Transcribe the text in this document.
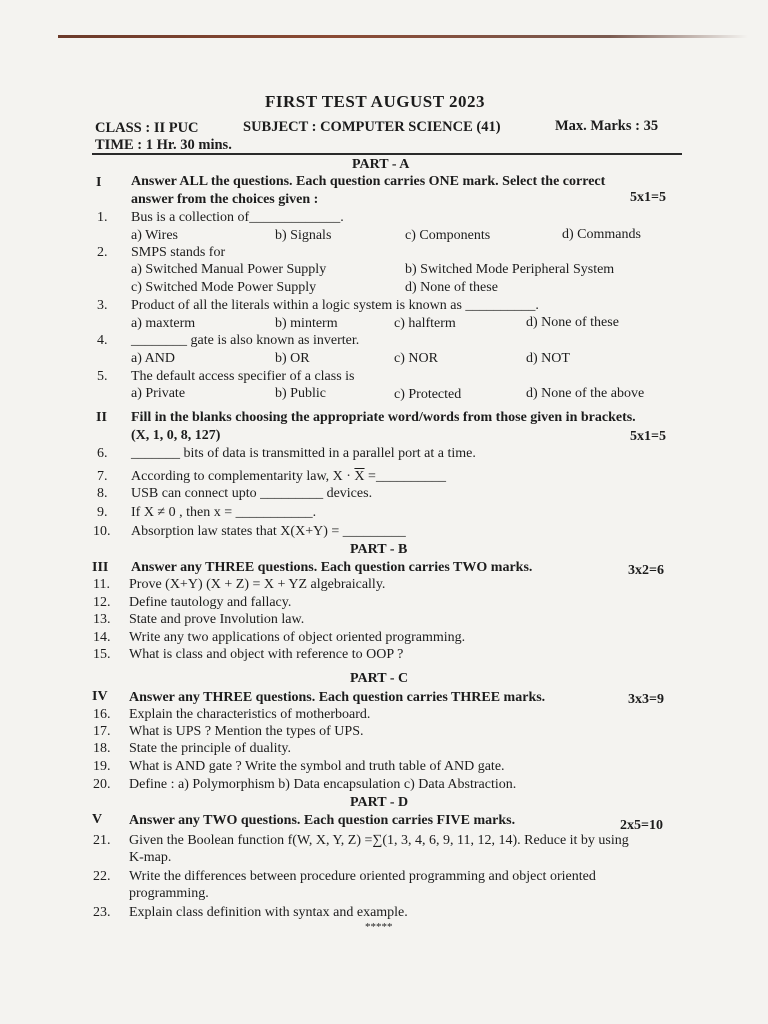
FIRST TEST AUGUST 2023
CLASS : II PUC	SUBJECT : COMPUTER SCIENCE (41)	Max. Marks : 35
TIME : 1 Hr. 30 mins.
PART - A
I Answer ALL the questions. Each question carries ONE mark. Select the correct
answer from the choices given :	5x1=5
1. Bus is a collection of_____________.
a) Wires	b) Signals	c) Components	d) Commands
2. SMPS stands for
a) Switched Manual Power Supply	b) Switched Mode Peripheral System
c) Switched Mode Power Supply	d) None of these
3. Product of all the literals within a logic system is known as __________.
a) maxterm	b) minterm	c) halfterm	d) None of these
4. ________ gate is also known as inverter.
a) AND	b) OR	c) NOR	d) NOT
5. The default access specifier of a class is
a) Private	b) Public	c) Protected	d) None of the above
II Fill in the blanks choosing the appropriate word/words from those given in brackets.
(X, 1, 0, 8, 127)	5x1=5
6. _______ bits of data is transmitted in a parallel port at a time.
7. According to complementarity law, $X \cdot \overline{X}$ =__________
8. USB can connect upto _________ devices.
9. If X ≠ 0 , then x = ___________.
10. Absorption law states that X(X+Y) = _________
PART - B
III Answer any THREE questions. Each question carries TWO marks.	3x2=6
11. Prove (X+Y) (X + Z) = X + YZ algebraically.
12. Define tautology and fallacy.
13. State and prove Involution law.
14. Write any two applications of object oriented programming.
15. What is class and object with reference to OOP ?
PART - C
IV Answer any THREE questions. Each question carries THREE marks.	3x3=9
16. Explain the characteristics of motherboard.
17. What is UPS ? Mention the types of UPS.
18. State the principle of duality.
19. What is AND gate ? Write the symbol and truth table of AND gate.
20. Define : a) Polymorphism b) Data encapsulation c) Data Abstraction.
PART - D
V Answer any TWO questions. Each question carries FIVE marks.	2x5=10
21. Given the Boolean function f(W, X, Y, Z) =∑(1, 3, 4, 6, 9, 11, 12, 14). Reduce it by using
K-map.
22. Write the differences between procedure oriented programming and object oriented
programming.
23. Explain class definition with syntax and example.
*****
